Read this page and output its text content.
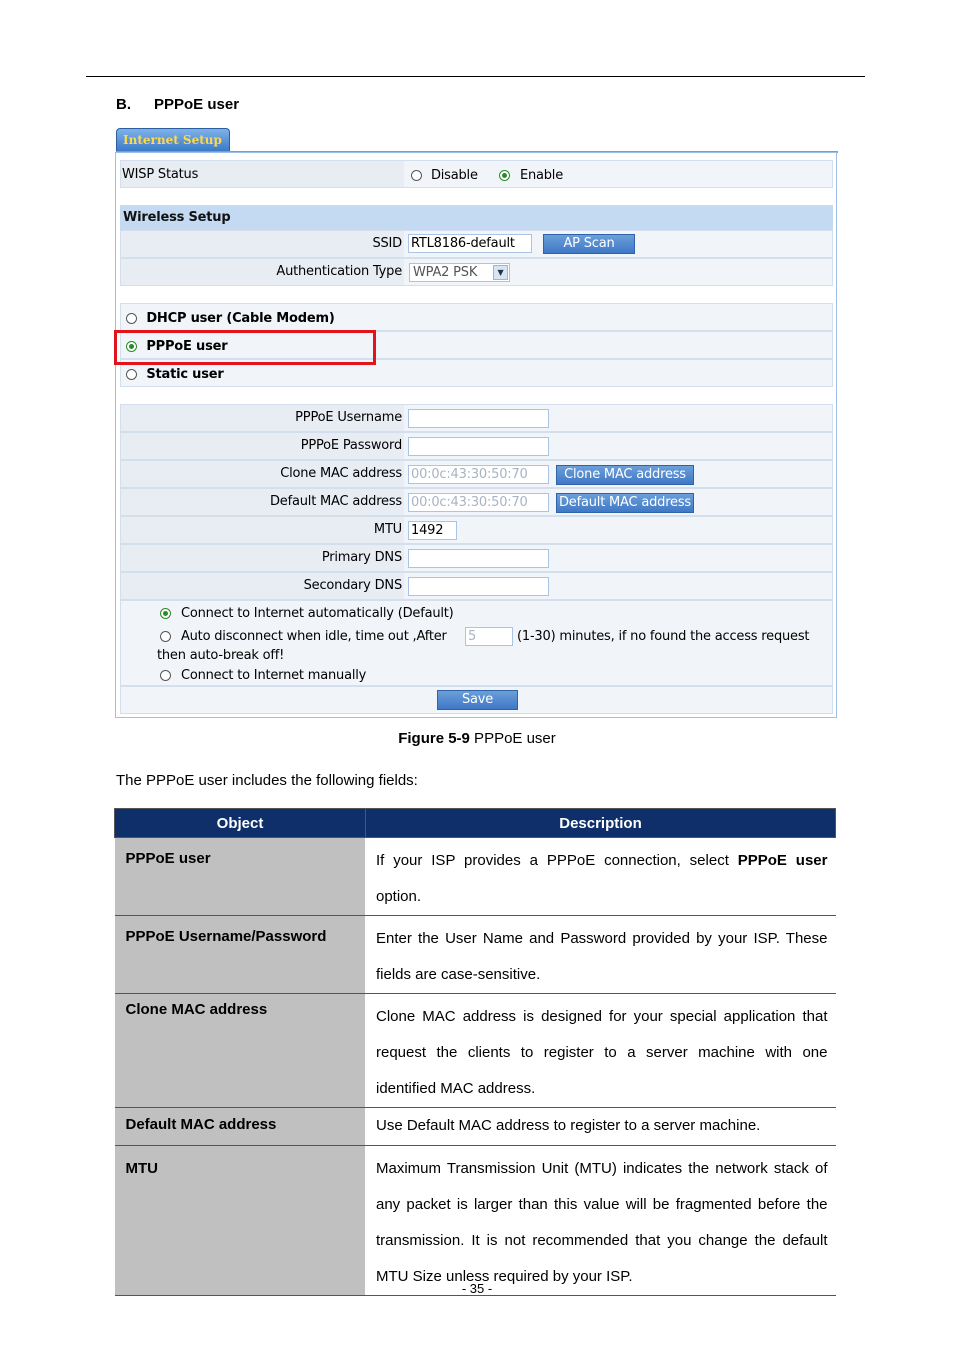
B. PPPoE user
Internet Setup
WISP Status	Disable	Enable
Wireless Setup
SSID RTL8186-default	AP Scan
Authentication Type WPA2 PSK	▼
DHCP user (Cable Modem)
PPPoE user
Static user
PPPoE Username
PPPoE Password
Clone MAC address 00:0c:43:30:50:70	Clone MAC address
Default MAC address 00:0c:43:30:50:70	Default MAC address
MTU 1492
Primary DNS
Secondary DNS
Connect to Internet automatically (Default)
Auto disconnect when idle, time out ,After 5	(1-30) minutes, if no found the access request
then auto-break off!
Connect to Internet manually
Save
Figure 5-9 PPPoE user
The PPPoE user includes the following fields:
Object	Description
PPPoE user	If your ISP provides a PPPoE connection, select PPPoE user option.
PPPoE Username/Password	Enter the User Name and Password provided by your ISP. These fields are case-sensitive.
Clone MAC address	Clone MAC address is designed for your special application that request the clients to register to a server machine with one identified MAC address.
Default MAC address	Use Default MAC address to register to a server machine.
MTU	Maximum Transmission Unit (MTU) indicates the network stack of any packet is larger than this value will be fragmented before the transmission. It is not recommended that you change the default MTU Size unless required by your ISP.
- 35 -
